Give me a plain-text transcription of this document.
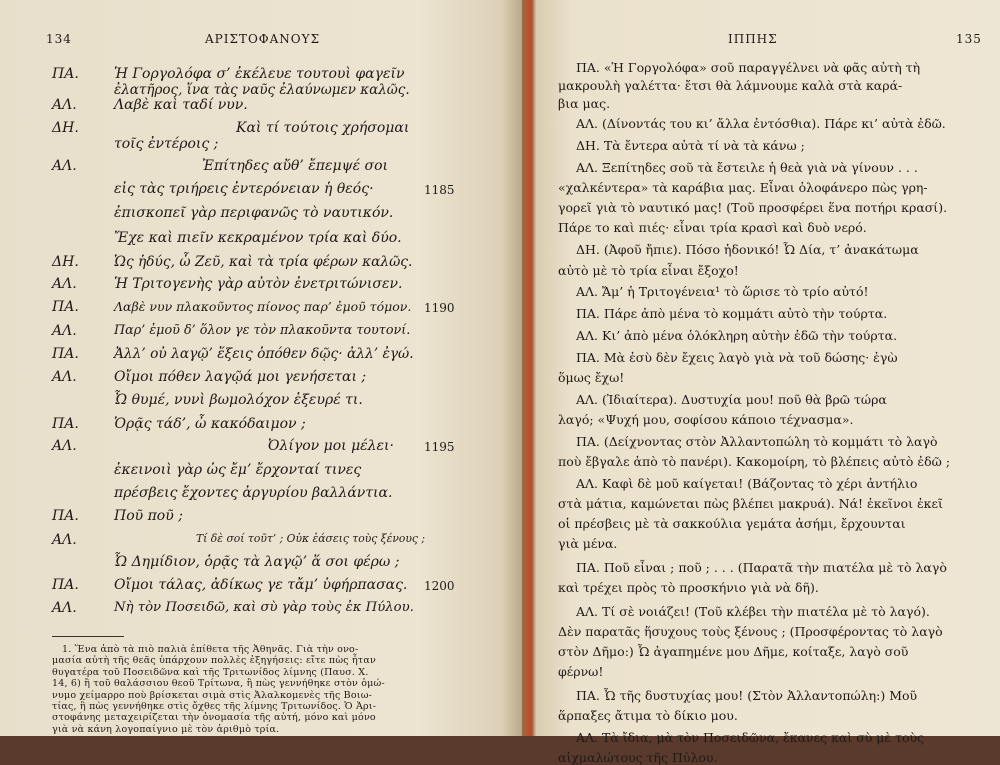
134	ΑΡΙΣΤΟΦΑΝΟΥΣ
ΠΑ.
ΑΛ.
ΔΗ.
ΑΛ.
ΔΗ.
ΑΛ.
ΠΑ.
ΑΛ.
ΠΑ.
ΑΛ.
ΠΑ.
ΑΛ.
ΠΑ.
ΑΛ.
ΠΑ.
ΑΛ.
Ἡ Γοργολόφα σ’ ἐκέλευε τουτουὶ φαγεῖν
ἐλατῆρος, ἵνα τὰς ναῦς ἐλαύνωμεν καλῶς.
Λαβὲ καὶ ταδί νυν.
Καὶ τί τούτοις χρήσομαι
τοῖς ἐντέροις ;
Ἐπίτηδες αὔθ’ ἔπεμψέ σοι
εἰς τὰς τριήρεις ἐντερόνειαν ἡ θεός·
ἐπισκοπεῖ γὰρ περιφανῶς τὸ ναυτικόν.
Ἔχε καὶ πιεῖν κεκραμένον τρία καὶ δύο.
Ὡς ἡδύς, ὦ Ζεῦ, καὶ τὰ τρία φέρων καλῶς.
Ἡ Τριτογενὴς γὰρ αὐτὸν ἐνετριτώνισεν.
Λαβὲ νυν πλακοῦντος πίονος παρ’ ἐμοῦ τόμον.
Παρ’ ἐμοῦ δ’ ὅλον γε τὸν πλακοῦντα τουτονί.
Ἀλλ’ οὐ λαγῷ’ ἕξεις ὁπόθεν δῷς· ἀλλ’ ἐγώ.
Οἴμοι πόθεν λαγῷά μοι γενήσεται ;
Ὦ θυμέ, νυνὶ βωμολόχον ἐξευρέ τι.
Ὁρᾷς τάδ’, ὦ κακόδαιμον ;
Ὀλίγον μοι μέλει·
ἐκεινοιὶ γὰρ ὡς ἔμ’ ἔρχονταί τινες
πρέσβεις ἔχοντες ἀργυρίου βαλλάντια.
Ποῦ ποῦ ;
Τί δὲ σοί τοῦτ’ ; Οὐκ ἐάσεις τοὺς ξένους ;
Ὦ Δημίδιον, ὁρᾷς τὰ λαγῷ’ ἅ σοι φέρω ;
Οἴμοι τάλας, ἀδίκως γε τἄμ’ ὑφήρπασας.
Νὴ τὸν Ποσειδῶ, καὶ σὺ γὰρ τοὺς ἐκ Πύλου.
1185
1190
1195
1200
1. Ἕνα ἀπὸ τὰ πιὸ παλιὰ ἐπίθετα τῆς Ἀθηνᾶς. Γιὰ τὴν ονο-
μασία αὐτὴ τῆς θεᾶς ὑπάρχουν πολλὲς ἐξηγήσεις: εἴτε πὼς ἦταν
θυγατέρα τοῦ Ποσειδῶνα καὶ τῆς Τριτωνίδος λίμνης (Παυσ. Χ.
14, 6) ἢ τοῦ θαλάσσιου θεοῦ Τρίτωνα, ἢ πὼς γεννήθηκε στὸν ὁμώ-
νυμο χείμαρρο ποὺ βρίσκεται σιμὰ στὶς Ἀλαλκομενὲς τῆς Βοιω-
τίας, ἢ πὼς γεννήθηκε στὶς ὄχθες τῆς λίμνης Τριτωνίδος. Ὁ Ἀρι-
στοφάνης μεταχειρίζεται τὴν ὀνομασία τῆς αὐτή, μόνο καὶ μόνο
γιὰ νὰ κάνη λογοπαίγνιο μὲ τὸν ἀριθμὸ τρία.
ΙΠΠΗΣ	135
ΠΑ. «Ἡ Γοργολόφα» σοῦ παραγγέλνει νὰ φᾶς αὐτὴ τὴ
μακρουλὴ γαλέττα· ἔτσι θὰ λάμνουμε καλὰ στὰ καρά-
βια μας.
ΑΛ. (Δίνοντάς του κι’ ἄλλα ἐντόσθια). Πάρε κι’ αὐτὰ ἐδῶ.
ΔΗ. Τὰ ἔντερα αὐτὰ τί νὰ τὰ κάνω ;
ΑΛ. Ξεπίτηδες σοῦ τὰ ἔστειλε ἡ θεὰ γιὰ νὰ γίνουν . . .
«χαλκέντερα» τὰ καράβια μας. Εἶναι ὁλοφάνερο πὼς γρη-
γορεῖ γιὰ τὸ ναυτικό μας! (Τοῦ προσφέρει ἕνα ποτήρι κρασί).
Πάρε το καὶ πιές· εἶναι τρία κρασὶ καὶ δυὸ νερό.
ΔΗ. (Ἀφοῦ ἤπιε). Πόσο ἡδονικό! Ὦ Δία, τ’ ἀνακάτωμα
αὐτὸ μὲ τὸ τρία εἶναι ἔξοχο!
ΑΛ. Ἄμ’ ἡ Τριτογένεια¹ τὸ ὥρισε τὸ τρίο αὐτό!
ΠΑ. Πάρε ἀπὸ μένα τὸ κομμάτι αὐτὸ τὴν τούρτα.
ΑΛ. Κι’ ἀπὸ μένα ὁλόκληρη αὐτὴν ἐδῶ τὴν τούρτα.
ΠΑ. Μὰ ἐσὺ δὲν ἔχεις λαγὸ γιὰ νὰ τοῦ δώσης· ἐγὼ
ὅμως ἔχω!
ΑΛ. (Ἰδιαίτερα). Δυστυχία μου! ποῦ θὰ βρῶ τώρα
λαγό; «Ψυχή μου, σοφίσου κάποιο τέχνασμα».
ΠΑ. (Δείχνοντας στὸν Ἀλλαντοπώλη τὸ κομμάτι τὸ λαγὸ
ποὺ ἔβγαλε ἀπὸ τὸ πανέρι). Κακομοίρη, τὸ βλέπεις αὐτὸ ἐδῶ ;
ΑΛ. Καφὶ δὲ μοῦ καίγεται! (Βάζοντας τὸ χέρι ἀντήλιο
στὰ μάτια, καμώνεται πὼς βλέπει μακρυά). Νά! ἐκεῖνοι ἐκεῖ
οἱ πρέσβεις μὲ τὰ σακκούλια γεμάτα ἀσήμι, ἔρχουνται
γιὰ μένα.
ΠΑ. Ποῦ εἶναι ; ποῦ ; . . . (Παρατᾶ τὴν πιατέλα μὲ τὸ λαγὸ
καὶ τρέχει πρὸς τὸ προσκήνιο γιὰ νὰ δῆ).
ΑΛ. Τί σὲ νοιάζει! (Τοῦ κλέβει τὴν πιατέλα μὲ τὸ λαγό).
Δὲν παρατᾶς ἥσυχους τοὺς ξένους ; (Προσφέροντας τὸ λαγὸ
στὸν Δῆμο:) Ὦ ἀγαπημένε μου Δῆμε, κοίταξε, λαγὸ σοῦ
φέρνω!
ΠΑ. Ὦ τῆς δυστυχίας μου! (Στὸν Ἀλλαντοπώλη:) Μοῦ
ἅρπαξες ἄτιμα τὸ δίκιο μου.
ΑΛ. Τὰ ἴδια, μὰ τὸν Ποσειδῶνα, ἔκανες καὶ σὺ μὲ τοὺς
αἰχμαλώτους τῆς Πύλου.
